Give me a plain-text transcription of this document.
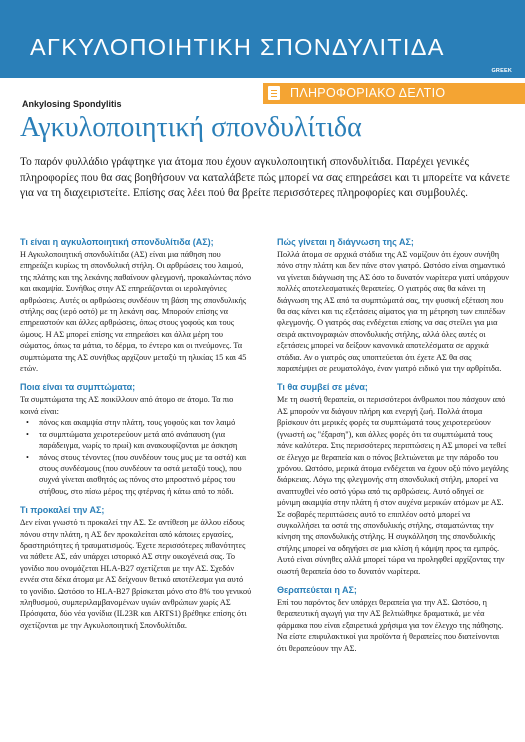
ΑΓΚΥΛΟΠΟΙΗΤΙΚΗ ΣΠΟΝΔΥΛΙΤΙΔΑ
GREEK
ΠΛΗΡΟΦΟΡΙΑΚΟ ΔΕΛΤΙΟ
Ankylosing Spondylitis
Αγκυλοποιητική σπονδυλίτιδα

Το παρόν φυλλάδιο γράφτηκε για άτομα που έχουν αγκυλοποιητική σπονδυλίτιδα. Παρέχει γενικές πληροφορίες που θα σας βοηθήσουν να καταλάβετε πώς μπορεί να σας επηρεάσει και τι μπορείτε να κάνετε για να τη διαχειριστείτε. Επίσης σας λέει πού θα βρείτε περισσότερες πληροφορίες και συμβουλές.

Τι είναι η αγκυλοποιητική σπονδυλίτιδα (ΑΣ);

Η Αγκυλοποιητική σπονδυλίτιδα (ΑΣ) είναι μια πάθηση που επηρεάζει κυρίως τη σπονδυλική στήλη. Οι αρθρώσεις του λαιμού, της πλάτης και της λεκάνης παθαίνουν φλεγμονή, προκαλώντας πόνο και ακαμψία. Συνήθως στην ΑΣ επηρεάζονται οι ιερολαγόνιες αρθρώσεις. Αυτές οι αρθρώσεις συνδέουν τη βάση της σπονδυλικής στήλης σας (ιερό οστό) με τη λεκάνη σας. Μπορούν επίσης να επηρεαστούν και άλλες αρθρώσεις, όπως στους γοφούς και τους ώμους. Η ΑΣ μπορεί επίσης να επηρεάσει και άλλα μέρη του σώματος, όπως τα μάτια, το δέρμα, το έντερο και οι πνεύμονες. Τα συμπτώματα της ΑΣ συνήθως αρχίζουν μεταξύ τη ηλικίας 15 και 45 ετών.

Ποια είναι τα συμπτώματα;

Τα συμπτώματα της ΑΣ ποικίλλουν από άτομο σε άτομο. Τα πιο κοινά είναι:

• πόνος και ακαμψία στην πλάτη, τους γοφούς και τον λαιμό
• τα συμπτώματα χειροτερεύουν μετά από ανάπαυση (για παράδειγμα, νωρίς το πρωί) και ανακουφίζονται με άσκηση
• πόνος στους τένοντες (που συνδέουν τους μυς με τα οστά) και στους συνδέσμους (που συνδέουν τα οστά μεταξύ τους), που συχνά γίνεται αισθητός ως πόνος στο μπροστινό μέρος του στήθους, στο πίσω μέρος της φτέρνας ή κάτω από το πόδι.
Τι προκαλεί την ΑΣ;

Δεν είναι γνωστό τι προκαλεί την ΑΣ. Σε αντίθεση με άλλου είδους πόνου στην πλάτη, η ΑΣ δεν προκαλείται από κάποιες εργασίες, δραστηριότητες ή τραυματισμούς. Έχετε περισσότερες πιθανότητες να πάθετε ΑΣ, εάν υπάρχει ιστορικό ΑΣ στην οικογένειά σας. Το γονίδιο που ονομάζεται HLA-B27 σχετίζεται με την ΑΣ. Σχεδόν εννέα στα δέκα άτομα με ΑΣ δείχνουν θετικό αποτέλεσμα για αυτό το γονίδιο. Ωστόσο το HLA-B27 βρίσκεται μόνο στο 8% του γενικού πληθυσμού, συμπεριλαμβανομένων υγιών ανθρώπων χωρίς ΑΣ Πρόσφατα, δύο νέα γονίδια (IL23R και ARTS1) βρέθηκε επίσης ότι σχετίζονται με την Αγκυλοποιητική Σπονδυλίτιδα.

Πώς γίνεται η διάγνωση της ΑΣ;

Πολλά άτομα σε αρχικά στάδια της ΑΣ νομίζουν ότι έχουν συνήθη πόνο στην πλάτη και δεν πάνε στον γιατρό. Ωστόσο είναι σημαντικό να γίνεται διάγνωση της ΑΣ όσο το δυνατόν νωρίτερα γιατί υπάρχουν πολλές αποτελεσματικές θεραπείες. Ο γιατρός σας θα κάνει τη διάγνωση της ΑΣ από τα συμπτώματά σας, την φυσική εξέταση που θα σας κάνει και τις εξετάσεις αίματος για τη μέτρηση των επιπέδων φλεγμονής. Ο γιατρός σας ενδέχεται επίσης να σας στείλει για μια σειρά ακτινογραφιών σπονδυλικής στήλης, αλλά όλες αυτές οι εξετάσεις μπορεί να δείξουν κανονικά αποτελέσματα σε αρχικά στάδια. Αν ο γιατρός σας υποπτεύεται ότι έχετε ΑΣ θα σας παραπέμψει σε ρευματολόγο, έναν γιατρό ειδικό για την αρθρίτιδα.

Τι θα συμβεί σε μένα;

Με τη σωστή θεραπεία, οι περισσότεροι άνθρωποι που πάσχουν από ΑΣ μπορούν να διάγουν πλήρη και ενεργή ζωή. Πολλά άτομα βρίσκουν ότι μερικές φορές τα συμπτώματά τους χειροτερεύουν (γνωστή ως "έξαρση"), και άλλες φορές ότι τα συμπτώματά τους πάνε καλύτερα. Στις περισσότερες περιπτώσεις η ΑΣ μπορεί να τεθεί σε έλεγχο με θεραπεία και ο πόνος βελτιώνεται με την πάροδο του χρόνου. Ωστόσο, μερικά άτομα ενδέχεται να έχουν οξύ πόνο μεγάλης διάρκειας. Λόγω της φλεγμονής στη σπονδυλική στήλη, μπορεί να αναπτυχθεί νέο οστό γύρω από τις αρθρώσεις. Αυτό οδηγεί σε μόνιμη ακαμψία στην πλάτη ή στον αυχένα μερικών ατόμων με ΑΣ. Σε σοβαρές περιπτώσεις αυτό το επιπλέον οστό μπορεί να συγκολλήσει τα οστά της σπονδυλικής στήλης, σταματώντας την κίνηση της σπονδυλικής στήλης. Η συγκόλληση της σπονδυλικής στήλης μπορεί να οδηγήσει σε μια κλίση ή κάμψη προς τα εμπρός. Αυτό είναι σύνηθες αλλά μπορεί τώρα να προληφθεί αρχίζοντας την σωστή θεραπεία όσο το δυνατόν νωρίτερα.

Θεραπεύεται η ΑΣ;

Επί του παρόντος δεν υπάρχει θεραπεία για την ΑΣ. Ωστόσο, η θεραπευτική αγωγή για την ΑΣ βελτιώθηκε δραματικά, με νέα φάρμακα που είναι εξαιρετικά χρήσιμα για τον έλεγχο της πάθησης. Να είστε επιφυλακτικοί για προϊόντα ή θεραπείες που διατείνονται ότι θεραπεύουν την ΑΣ.
